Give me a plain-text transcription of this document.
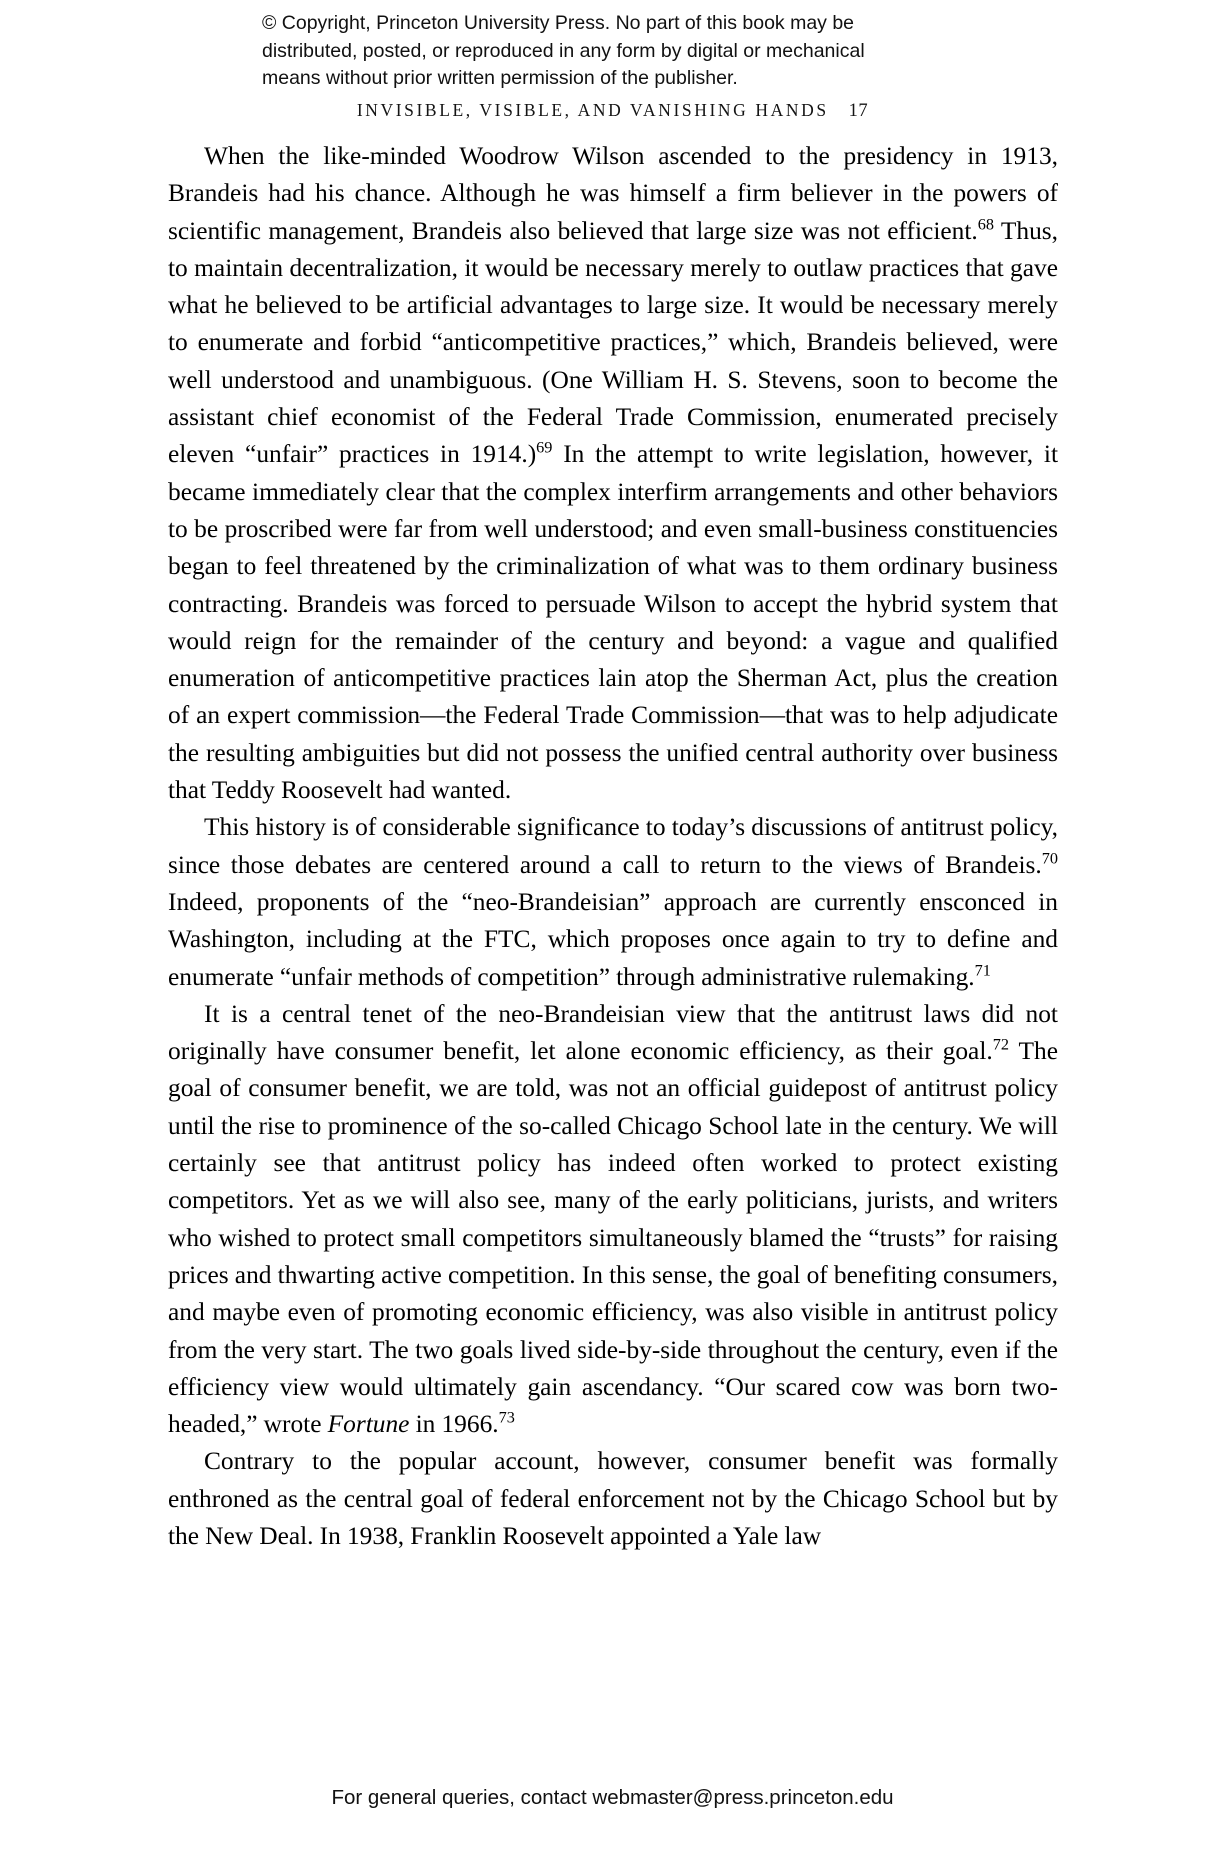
© Copyright, Princeton University Press. No part of this book may be
distributed, posted, or reproduced in any form by digital or mechanical
means without prior written permission of the publisher.
INVISIBLE, VISIBLE, AND VANISHING HANDS 17

When the like-minded Woodrow Wilson ascended to the presidency in 1913, Brandeis had his chance. Although he was himself a firm believer in the powers of scientific management, Brandeis also believed that large size was not efficient.$^{68}$ Thus, to maintain decentralization, it would be necessary merely to outlaw practices that gave what he believed to be artificial advantages to large size. It would be necessary merely to enumerate and forbid “anticompetitive practices,” which, Brandeis believed, were well understood and unambiguous. (One William H. S. Stevens, soon to become the assistant chief economist of the Federal Trade Commission, enumerated precisely eleven “unfair” practices in 1914.)$^{69}$ In the attempt to write legislation, however, it became immediately clear that the complex interfirm arrangements and other behaviors to be proscribed were far from well understood; and even small-business constituencies began to feel threatened by the criminalization of what was to them ordinary business contracting. Brandeis was forced to persuade Wilson to accept the hybrid system that would reign for the remainder of the century and beyond: a vague and qualified enumeration of anticompetitive practices lain atop the Sherman Act, plus the creation of an expert commission—the Federal Trade Commission—that was to help adjudicate the resulting ambiguities but did not possess the unified central authority over business that Teddy Roosevelt had wanted.

This history is of considerable significance to today’s discussions of antitrust policy, since those debates are centered around a call to return to the views of Brandeis.$^{70}$ Indeed, proponents of the “neo-Brandeisian” approach are currently ensconced in Washington, including at the FTC, which proposes once again to try to define and enumerate “unfair methods of competition” through administrative rulemaking.$^{71}$

It is a central tenet of the neo-Brandeisian view that the antitrust laws did not originally have consumer benefit, let alone economic efficiency, as their goal.$^{72}$ The goal of consumer benefit, we are told, was not an official guidepost of antitrust policy until the rise to prominence of the so-called Chicago School late in the century. We will certainly see that antitrust policy has indeed often worked to protect existing competitors. Yet as we will also see, many of the early politicians, jurists, and writers who wished to protect small competitors simultaneously blamed the “trusts” for raising prices and thwarting active competition. In this sense, the goal of benefiting consumers, and maybe even of promoting economic efficiency, was also visible in antitrust policy from the very start. The two goals lived side-by-side throughout the century, even if the efficiency view would ultimately gain ascendancy. “Our scared cow was born two-headed,” wrote Fortune in 1966.73

Contrary to the popular account, however, consumer benefit was formally enthroned as the central goal of federal enforcement not by the Chicago School but by the New Deal. In 1938, Franklin Roosevelt appointed a Yale law

For general queries, contact webmaster@press.princeton.edu
